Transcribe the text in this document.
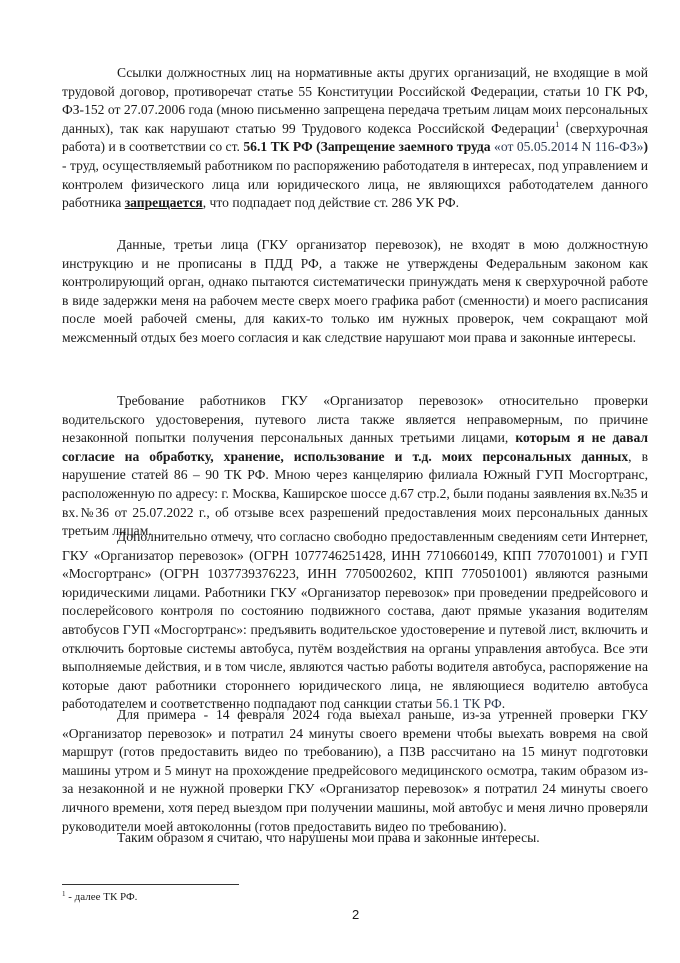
Ссылки должностных лиц на нормативные акты других организаций, не входящие в мой трудовой договор, противоречат статье 55 Конституции Российской Федерации, статьи 10 ГК РФ, ФЗ-152 от 27.07.2006 года (мною письменно запрещена передача третьим лицам моих персональных данных), так как нарушают статью 99 Трудового кодекса Российской Федерации$^1$ (сверхурочная работа) и в соответствии со ст. 56.1 ТК РФ (Запрещение заемного труда «от 05.05.2014 N 116-ФЗ») - труд, осуществляемый работником по распоряжению работодателя в интересах, под управлением и контролем физического лица или юридического лица, не являющихся работодателем данного работника запрещается, что подпадает под действие ст. 286 УК РФ.

Данные, третьи лица (ГКУ организатор перевозок), не входят в мою должностную инструкцию и не прописаны в ПДД РФ, а также не утверждены Федеральным законом как контролирующий орган, однако пытаются систематически принуждать меня к сверхурочной работе в виде задержки меня на рабочем месте сверх моего графика работ (сменности) и моего расписания после моей рабочей смены, для каких-то только им нужных проверок, чем сокращают мой межсменный отдых без моего согласия и как следствие нарушают мои права и законные интересы.

Требование работников ГКУ «Организатор перевозок» относительно проверки водительского удостоверения, путевого листа также является неправомерным, по причине незаконной попытки получения персональных данных третьими лицами, которым я не давал согласие на обработку, хранение, использование и т.д. моих персональных данных, в нарушение статей 86 – 90 ТК РФ. Мною через канцелярию филиала Южный ГУП Мосгортранс, расположенную по адресу: г. Москва, Каширское шоссе д.67 стр.2, были поданы заявления вх.№35 и вх.№36 от 25.07.2022 г., об отзыве всех разрешений предоставления моих персональных данных третьим лицам.

Дополнительно отмечу, что согласно свободно предоставленным сведениям сети Интернет, ГКУ «Организатор перевозок» (ОГРН 1077746251428, ИНН 7710660149, КПП 770701001) и ГУП «Мосгортранс» (ОГРН 1037739376223, ИНН 7705002602, КПП 770501001) являются разными юридическими лицами. Работники ГКУ «Организатор перевозок» при проведении предрейсового и послерейсового контроля по состоянию подвижного состава, дают прямые указания водителям автобусов ГУП «Мосгортранс»: предъявить водительское удостоверение и путевой лист, включить и отключить бортовые системы автобуса, путём воздействия на органы управления автобуса. Все эти выполняемые действия, и в том числе, являются частью работы водителя автобуса, распоряжение на которые дают работники стороннего юридического лица, не являющиеся водителю автобуса работодателем и соответственно подпадают под санкции статьи 56.1 ТК РФ.

Для примера - 14 февраля 2024 года выехал раньше, из-за утренней проверки ГКУ «Организатор перевозок» и потратил 24 минуты своего времени чтобы выехать вовремя на свой маршрут (готов предоставить видео по требованию), а ПЗВ рассчитано на 15 минут подготовки машины утром и 5 минут на прохождение предрейсового медицинского осмотра, таким образом из-за незаконной и не нужной проверки ГКУ «Организатор перевозок» я потратил 24 минуты своего личного времени, хотя перед выездом при получении машины, мой автобус и меня лично проверяли руководители моей автоколонны (готов предоставить видео по требованию).

Таким образом я считаю, что нарушены мои права и законные интересы.

$^1$ - далее ТК РФ.
2
